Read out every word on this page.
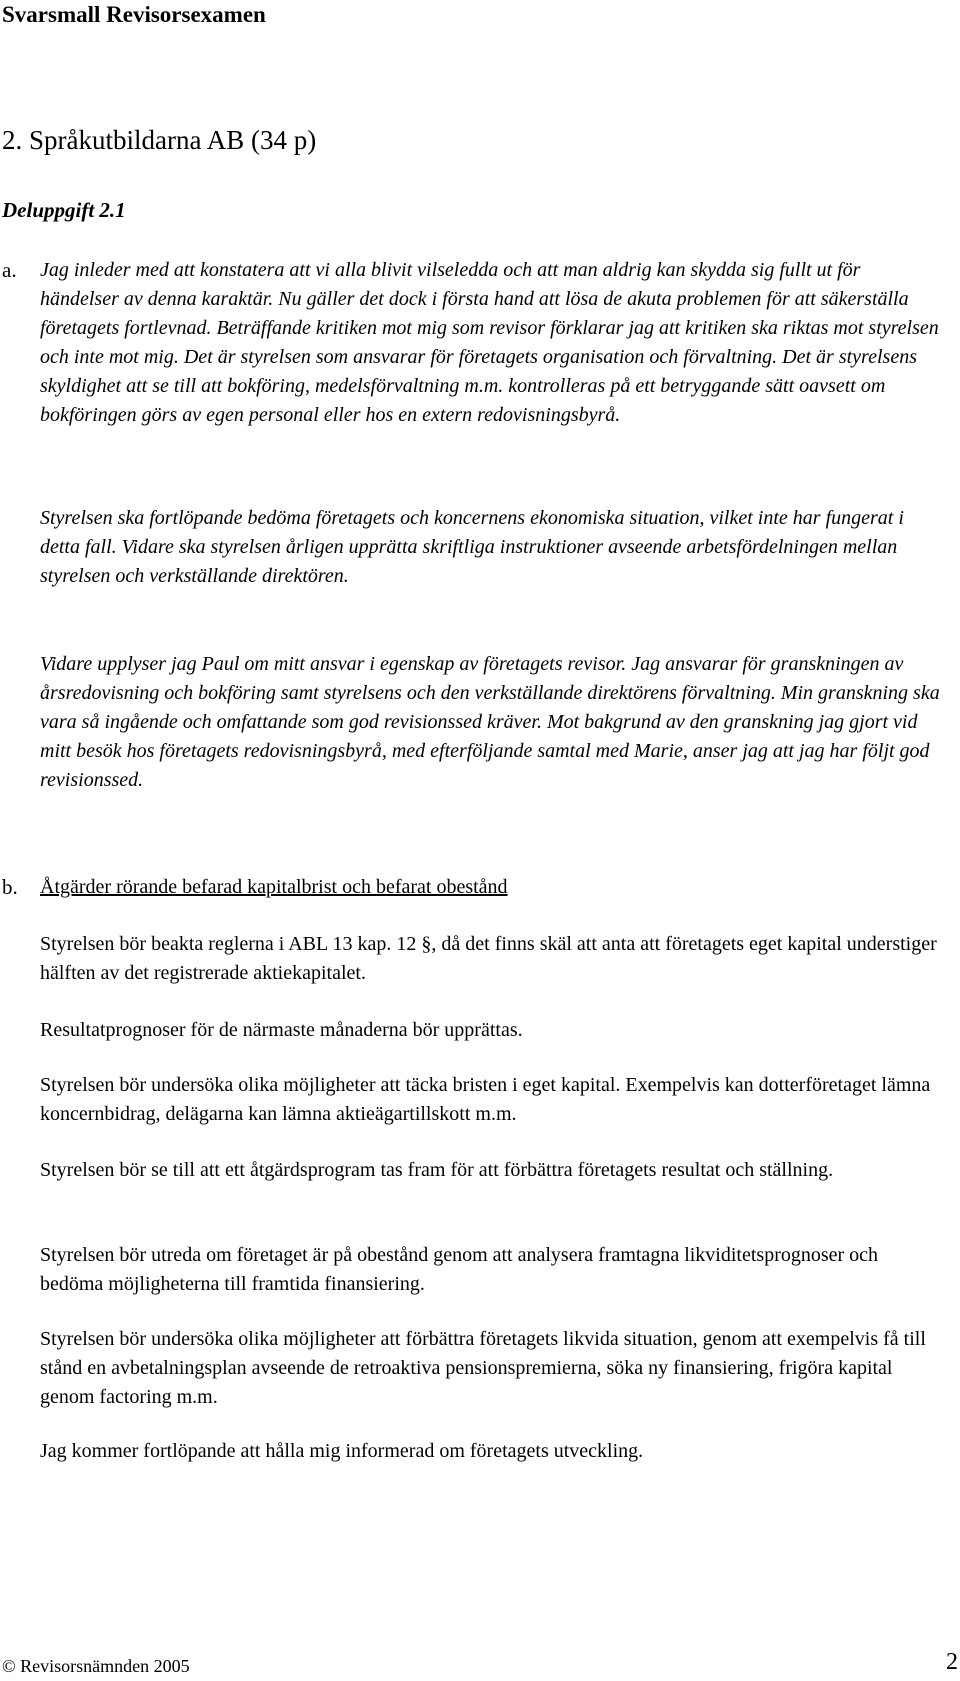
Svarsmall Revisorsexamen
2. Språkutbildarna AB (34 p)
Deluppgift 2.1
a. Jag inleder med att konstatera att vi alla blivit vilseledda och att man aldrig kan skydda sig fullt ut för händelser av denna karaktär. Nu gäller det dock i första hand att lösa de akuta problemen för att säkerställa företagets fortlevnad. Beträffande kritiken mot mig som revisor förklarar jag att kritiken ska riktas mot styrelsen och inte mot mig. Det är styrelsen som ansvarar för företagets organisation och förvaltning. Det är styrelsens skyldighet att se till att bokföring, medelsförvaltning m.m. kontrolleras på ett betryggande sätt oavsett om bokföringen görs av egen personal eller hos en extern redovisningsbyrå.

Styrelsen ska fortlöpande bedöma företagets och koncernens ekonomiska situation, vilket inte har fungerat i detta fall. Vidare ska styrelsen årligen upprätta skriftliga instruktioner avseende arbetsfördelningen mellan styrelsen och verkställande direktören.

Vidare upplyser jag Paul om mitt ansvar i egenskap av företagets revisor. Jag ansvarar för granskningen av årsredovisning och bokföring samt styrelsens och den verkställande direktörens förvaltning. Min granskning ska vara så ingående och omfattande som god revisionssed kräver. Mot bakgrund av den granskning jag gjort vid mitt besök hos företagets redovisningsbyrå, med efterföljande samtal med Marie, anser jag att jag har följt god revisionssed.

b. Åtgärder rörande befarad kapitalbrist och befarat obestånd

Styrelsen bör beakta reglerna i ABL 13 kap. 12 §, då det finns skäl att anta att företagets eget kapital understiger hälften av det registrerade aktiekapitalet.

Resultatprognoser för de närmaste månaderna bör upprättas.

Styrelsen bör undersöka olika möjligheter att täcka bristen i eget kapital. Exempelvis kan dotterföretaget lämna koncernbidrag, delägarna kan lämna aktieägartillskott m.m.

Styrelsen bör se till att ett åtgärdsprogram tas fram för att förbättra företagets resultat och ställning.

Styrelsen bör utreda om företaget är på obestånd genom att analysera framtagna likviditetsprognoser och bedöma möjligheterna till framtida finansiering.

Styrelsen bör undersöka olika möjligheter att förbättra företagets likvida situation, genom att exempelvis få till stånd en avbetalningsplan avseende de retroaktiva pensionspremierna, söka ny finansiering, frigöra kapital genom factoring m.m.

Jag kommer fortlöpande att hålla mig informerad om företagets utveckling.

© Revisorsnämnden 2005	2
